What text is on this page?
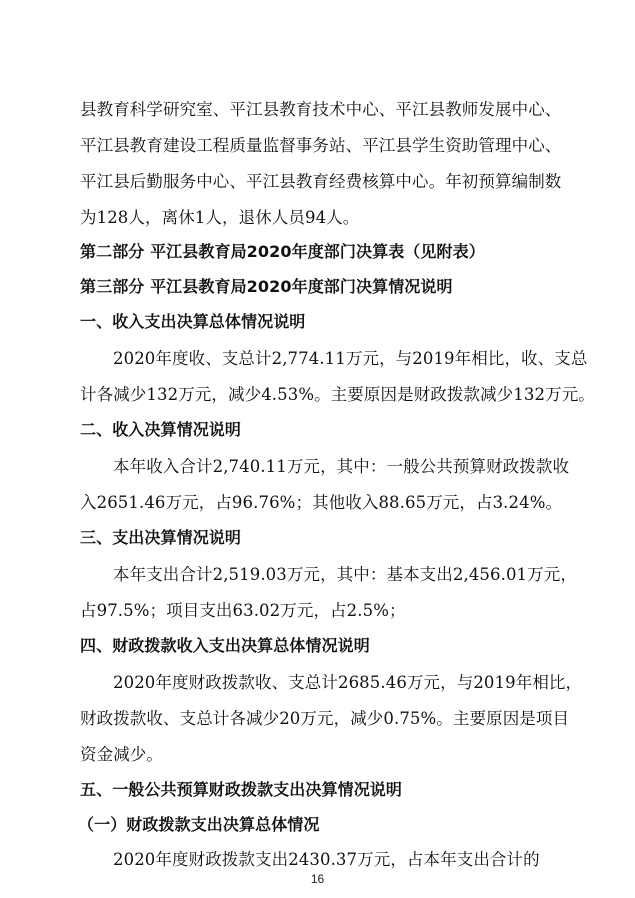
县教育科学研究室、平江县教育技术中心、平江县教师发展中心、
平江县教育建设工程质量监督事务站、平江县学生资助管理中心、
平江县后勤服务中心、平江县教育经费核算中心。年初预算编制数
为128人，离休1人，退休人员94人。
第二部分 平江县教育局2020年度部门决算表（见附表）
第三部分 平江县教育局2020年度部门决算情况说明
一、收入支出决算总体情况说明
2020年度收、支总计2,774.11万元，与2019年相比，收、支总
计各减少132万元，减少4.53%。主要原因是财政拨款减少132万元。
二、收入决算情况说明
本年收入合计2,740.11万元，其中：一般公共预算财政拨款收
入2651.46万元，占96.76%；其他收入88.65万元，占3.24%。
三、支出决算情况说明
本年支出合计2,519.03万元，其中：基本支出2,456.01万元，
占97.5%；项目支出63.02万元，占2.5%；
四、财政拨款收入支出决算总体情况说明
2020年度财政拨款收、支总计2685.46万元，与2019年相比，
财政拨款收、支总计各减少20万元，减少0.75%。主要原因是项目
资金减少。
五、一般公共预算财政拨款支出决算情况说明
（一）财政拨款支出决算总体情况
2020年度财政拨款支出2430.37万元，占本年支出合计的
16
